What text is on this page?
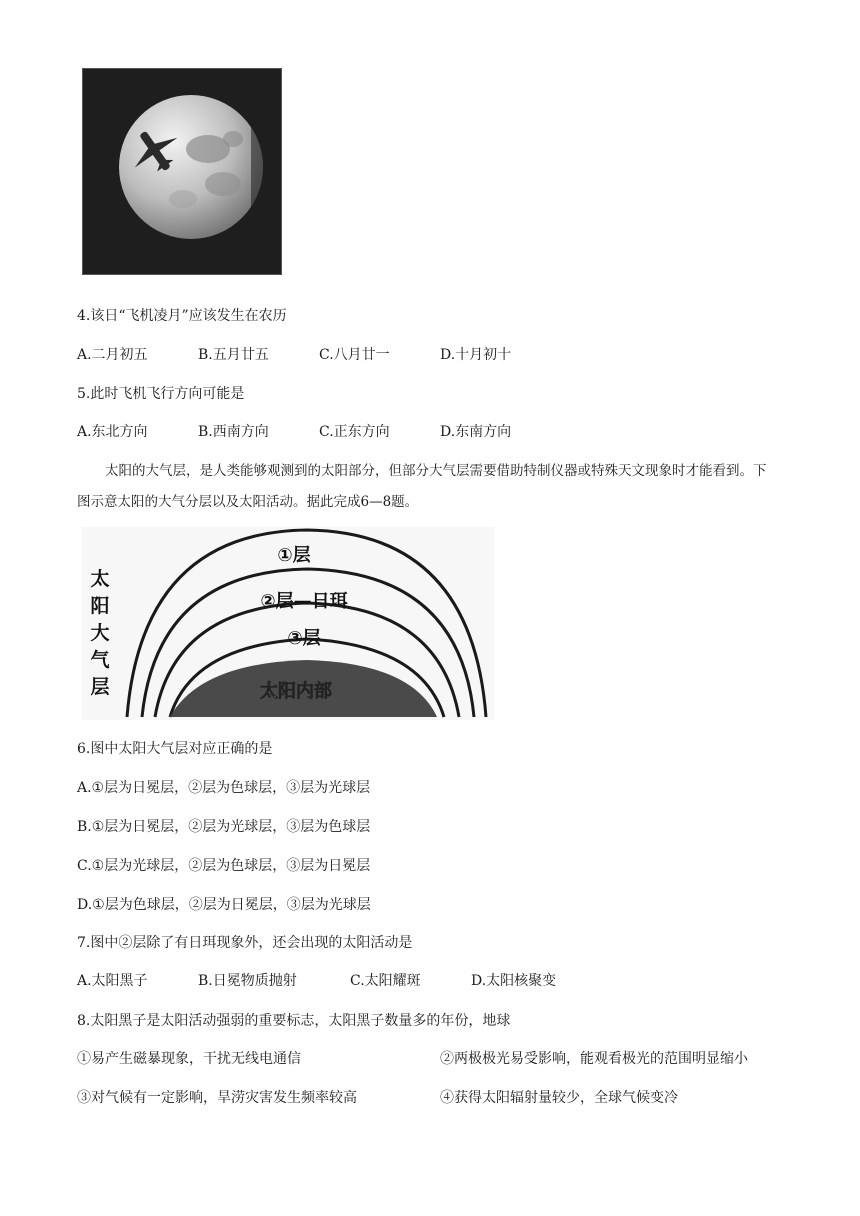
4.该日“飞机凌月”应该发生在农历
A.二月初五	B.五月廿五	C.八月廿一	D.十月初十
5.此时飞机飞行方向可能是
A.东北方向	B.西南方向	C.正东方向	D.东南方向
太阳的大气层，是人类能够观测到的太阳部分，但部分大气层需要借助特制仪器或特殊天文现象时才能看到。下图示意太阳的大气分层以及太阳活动。据此完成6—8题。
太
阳
大
气
层
①层
②层—日珥
③层
太阳内部
6.图中太阳大气层对应正确的是
A.①层为日冕层，②层为色球层，③层为光球层
B.①层为日冕层，②层为光球层，③层为色球层
C.①层为光球层，②层为色球层，③层为日冕层
D.①层为色球层，②层为日冕层，③层为光球层
7.图中②层除了有日珥现象外，还会出现的太阳活动是
A.太阳黑子	B.日冕物质抛射	C.太阳耀斑	D.太阳核聚变
8.太阳黑子是太阳活动强弱的重要标志，太阳黑子数量多的年份，地球
①易产生磁暴现象，干扰无线电通信	②两极极光易受影响，能观看极光的范围明显缩小
③对气候有一定影响，旱涝灾害发生频率较高	④获得太阳辐射量较少，全球气候变冷
